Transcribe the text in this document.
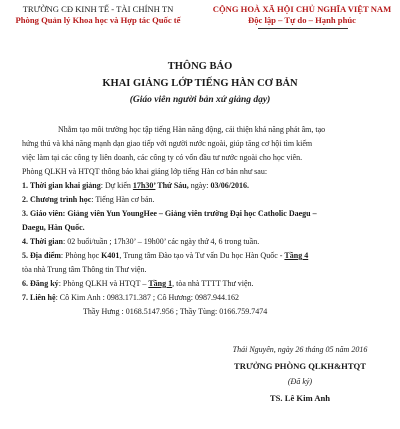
TRƯỜNG CĐ KINH TẾ - TÀI CHÍNH TN
Phòng Quản lý Khoa học và Hợp tác Quốc tế
CỘNG HOÀ XÃ HỘI CHỦ NGHĨA VIỆT NAM
Độc lập – Tự do – Hạnh phúc
THÔNG BÁO
KHAI GIẢNG LỚP TIẾNG HÀN CƠ BẢN
(Giáo viên người bản xứ giảng dạy)
Nhằm tạo môi trường học tập tiếng Hàn năng động, cải thiện khả năng phát âm, tạo
hứng thú và khả năng mạnh dạn giao tiếp với người nước ngoài, giúp tăng cơ hội tìm kiếm
việc làm tại các công ty liên doanh, các công ty có vốn đầu tư nước ngoài cho học viên.
Phòng QLKH và HTQT thông báo khai giảng lớp tiếng Hàn cơ bản như sau:
1. Thời gian khai giảng: Dự kiến 17h30’ Thứ Sáu, ngày: 03/06/2016.
2. Chương trình học: Tiếng Hàn cơ bản.
3. Giáo viên: Giảng viên Yun YoungHee – Giảng viên trường Đại học Catholic Daegu –
Daegu, Hàn Quốc.
4. Thời gian: 02 buổi/tuần ; 17h30’ – 19h00’ các ngày thứ 4, 6 trong tuần.
5. Địa điểm: Phòng học K401, Trung tâm Đào tạo và Tư vấn Du học Hàn Quốc - Tầng 4
tòa nhà Trung tâm Thông tin Thư viện.
6. Đăng ký: Phòng QLKH và HTQT – Tầng 1, tòa nhà TTTT Thư viện.
7. Liên hệ: Cô Kim Anh : 0983.171.387 ; Cô Hương: 0987.944.162
Thầy Hưng : 0168.5147.956 ; Thầy Tùng: 0166.759.7474
Thái Nguyên, ngày 26 tháng 05 năm 2016
TRƯỞNG PHÒNG QLKH&HTQT
(Đã ký)
TS. Lê Kim Anh
